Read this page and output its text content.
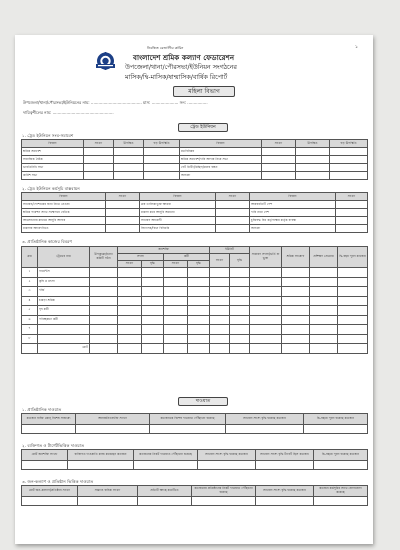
নিবন্ধিত রেজাল্টিব কামিন	১
বাংলাদেশ শ্রমিক কল্যাণ ফেডারেশন
উপজেলা/থানা/পৌরসভা/ইউনিয়ন সংগঠনের
মাসিক/দ্বি-মাসিক/ষান্মাসিক/বার্ষিক রিপোর্ট
মহিলা বিভাগ
উপজেলা/থানা/পৌরসভা/ইউনিয়নের নাম: ........................................ মাস: ..................... সন: ................
দায়িত্বশীলের নাম: ................................................
ট্রেড ইউনিয়ন
১. ট্রেড ইউনিয়ন সংঘ-সমাবেশ
বিবরণ	সংখ্যা	উপস্থিত	গড় উপস্থিতি	বিবরণ	সংখ্যা	উপস্থিত	গড় উপস্থিতি
শ্রমিক সমাবেশ				মতবিনিময়			
সামাজিক বৈঠক				শ্রমিক সমাবেশ/দাবি আদায় নিয়ে সভা			
ভারতিনিধি সভা				গেট মিটিং/মিছিল/মানব বন্ধন			
কার্মিশ সভা				অন্যান্য			
২. ট্রেড ইউনিয়ন কর্মসূচি বাস্তবায়ন
বিবরণ	সংখ্যা	বিবরণ	সংখ্যা	বিবরণ	সংখ্যা
সাধারণ/পোশাকের জন্য নিতে নেওয়া		ক্রয় তালিকাভুক্ত আমরা		আরবরতিটি পেশ	
শ্রমিক পরেশন সাথে সম্মেলনে বেতিক		মামলা করে আদুরি অমান্যে		দাবি নামা পেশ	
আলোচনার মাধ্যমে আদুরি আদায়		সাধারণ আরোহী		চুক্তিবদ্ধ বিধ কর্তৃপক্ষের কর্তৃক ব্যবস্থা	
মামলার আবেদনিতে		বিদ্যালয়/বিনে বিবিধরি		অন্যান্য	
৩. প্রাতিষ্ঠানিক কাজের বিবরণ
ক্রম	ট্রেডের নাম	উপকুল্লো/থানা কমিটি গঠন	জনশক্তি				ইউনিট		সাধারণ সদস্য/ভর্তি বা ভুক্ত	শ্রমিক সংযোগ	প্রশিক্ষণ প্রোগ্রাম	দ্বি-বছর পূরণ কাজের
			সদস্য		কর্মী		সংখ্যা	বৃদ্ধি				
			সংখ্যা	বৃদ্ধি	সংখ্যা	বৃদ্ধি						
১	গার্মেন্টস											
২	কৃষি ও মৎস্য											
৩	দর্জি											
৪	চামড়া শ্রমিক											
৫	গৃহ কর্মী											
৬	পরিচ্ছন্নতা কর্মী											
৭												
৮												
	মোট											
দাওয়াত
১. প্রাতিষ্ঠানিক দাওয়াত
কতজন ব্যক্তি কোন্ বিশেষ সাহায্যে	আনজনিতব্যক্তি সংখ্যা	কতজনকে বিশেষ দাওয়াত পৌঁছানো হয়েছে	সাধারণ সদস্য বৃদ্ধি হয়েছে কতজন	দ্বি-বছরে পূরণ হয়েছে কতজন

২. ব্যক্তিগত ও টার্গেটভিত্তিক দাওয়াত
মোট জনশক্তি সংখ্যা	ব্যক্তিগত দাওয়াতি কাজ করেছেন কতজন	কতজনের নিকট দাওয়াত পৌঁছানো হয়েছে	সাধারণ সদস্য বৃদ্ধি হয়েছে কতজন	সাধারণ সদস্য বৃদ্ধি টার্গেট ছিল কতজন	দ্বি-বছরে পূরণ হয়েছে কতজন

৩. জন-কল্যাণ ও প্রতিষ্ঠান ভিত্তিক দাওয়াত
মোট জন-কল্যাণ/প্রতিষ্ঠান সংখ্যা	সপ্তাহে বাহিক সংখ্যা	প্রতিটি আছে কতটিতে	কতজনের প্রতিষ্ঠানের নিকট দাওয়াত পৌঁছানো হয়েছে	সাধারণ সদস্য বৃদ্ধি হয়েছে কতজন	কতজন কর্মসূচির সাথে যোগাযোগ করেছে
